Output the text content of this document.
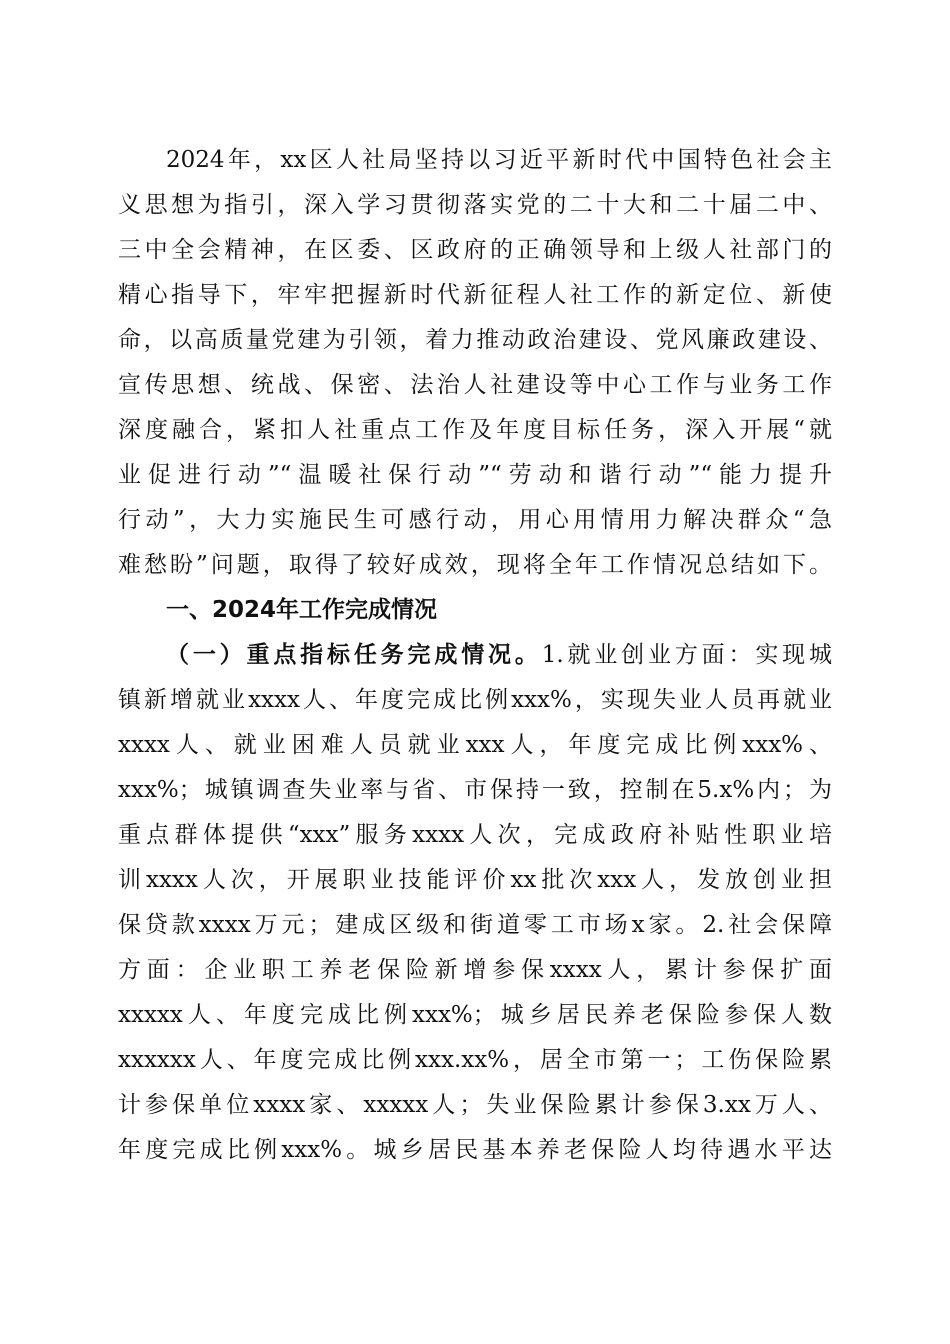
2024年，xx区人社局坚持以习近平新时代中国特色社会主
义思想为指引，深入学习贯彻落实党的二十大和二十届二中、
三中全会精神，在区委、区政府的正确领导和上级人社部门的
精心指导下，牢牢把握新时代新征程人社工作的新定位、新使
命，以高质量党建为引领，着力推动政治建设、党风廉政建设、
宣传思想、统战、保密、法治人社建设等中心工作与业务工作
深度融合，紧扣人社重点工作及年度目标任务，深入开展“就
业促进行动”“温暖社保行动”“劳动和谐行动”“能力提升
行动”，大力实施民生可感行动，用心用情用力解决群众“急
难愁盼”问题，取得了较好成效，现将全年工作情况总结如下。
一、2024年工作完成情况
（一）重点指标任务完成情况。1.就业创业方面：实现城
镇新增就业xxxx人、年度完成比例xxx%，实现失业人员再就业
xxxx人、就业困难人员就业xxx人，年度完成比例xxx%、
xxx%；城镇调查失业率与省、市保持一致，控制在5.x%内；为
重点群体提供“xxx”服务xxxx人次，完成政府补贴性职业培
训xxxx人次，开展职业技能评价xx批次xxx人，发放创业担
保贷款xxxx万元；建成区级和街道零工市场x家。2.社会保障
方面：企业职工养老保险新增参保xxxx人，累计参保扩面
xxxxx人、年度完成比例xxx%；城乡居民养老保险参保人数
xxxxxx人、年度完成比例xxx.xx%，居全市第一；工伤保险累
计参保单位xxxx家、xxxxx人；失业保险累计参保3.xx万人、
年度完成比例xxx%。城乡居民基本养老保险人均待遇水平达
